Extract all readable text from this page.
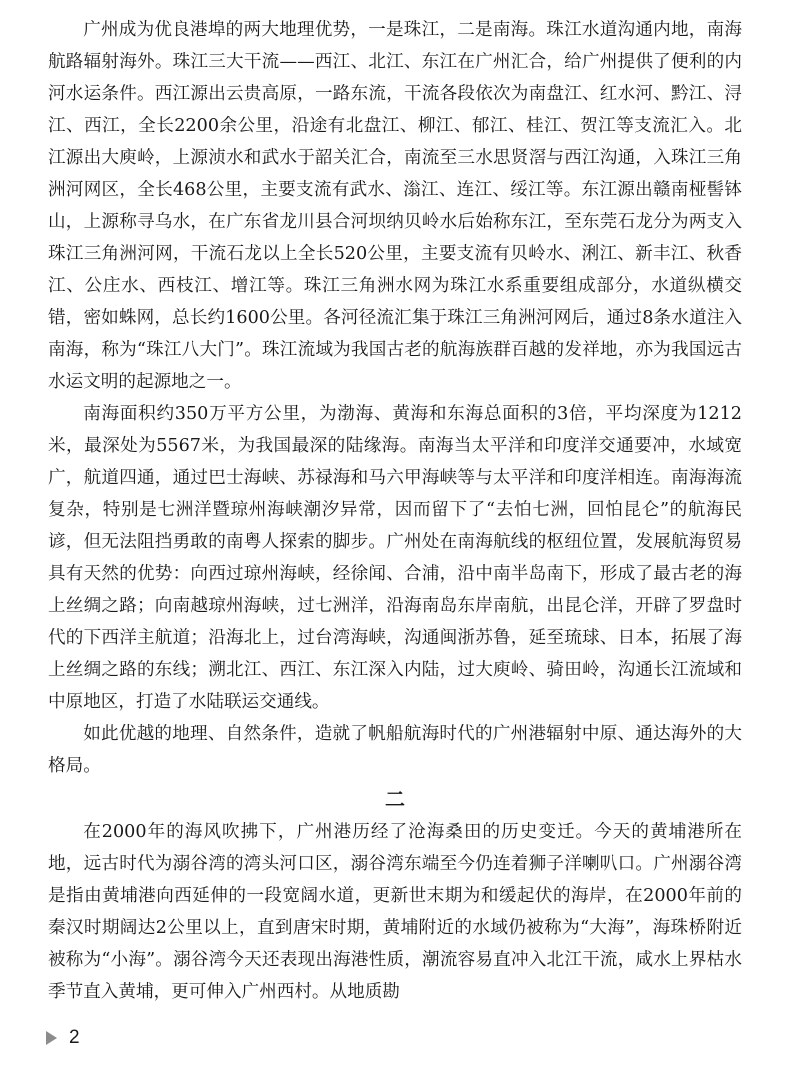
广州成为优良港埠的两大地理优势，一是珠江，二是南海。珠江水道沟通内地，南海航路辐射海外。珠江三大干流——西江、北江、东江在广州汇合，给广州提供了便利的内河水运条件。西江源出云贵高原，一路东流，干流各段依次为南盘江、红水河、黔江、浔江、西江，全长2200余公里，沿途有北盘江、柳江、郁江、桂江、贺江等支流汇入。北江源出大庾岭，上源浈水和武水于韶关汇合，南流至三水思贤滘与西江沟通，入珠江三角洲河网区，全长468公里，主要支流有武水、滃江、连江、绥江等。东江源出赣南桠髻钵山，上源称寻乌水，在广东省龙川县合河坝纳贝岭水后始称东江，至东莞石龙分为两支入珠江三角洲河网，干流石龙以上全长520公里，主要支流有贝岭水、浰江、新丰江、秋香江、公庄水、西枝江、增江等。珠江三角洲水网为珠江水系重要组成部分，水道纵横交错，密如蛛网，总长约1600公里。各河径流汇集于珠江三角洲河网后，通过8条水道注入南海，称为“珠江八大门”。珠江流域为我国古老的航海族群百越的发祥地，亦为我国远古水运文明的起源地之一。

南海面积约350万平方公里，为渤海、黄海和东海总面积的3倍，平均深度为1212米，最深处为5567米，为我国最深的陆缘海。南海当太平洋和印度洋交通要冲，水域宽广，航道四通，通过巴士海峡、苏禄海和马六甲海峡等与太平洋和印度洋相连。南海海流复杂，特别是七洲洋暨琼州海峡潮汐异常，因而留下了“去怕七洲，回怕昆仑”的航海民谚，但无法阻挡勇敢的南粤人探索的脚步。广州处在南海航线的枢纽位置，发展航海贸易具有天然的优势：向西过琼州海峡，经徐闻、合浦，沿中南半岛南下，形成了最古老的海上丝绸之路；向南越琼州海峡，过七洲洋，沿海南岛东岸南航，出昆仑洋，开辟了罗盘时代的下西洋主航道；沿海北上，过台湾海峡，沟通闽浙苏鲁，延至琉球、日本，拓展了海上丝绸之路的东线；溯北江、西江、东江深入内陆，过大庾岭、骑田岭，沟通长江流域和中原地区，打造了水陆联运交通线。

如此优越的地理、自然条件，造就了帆船航海时代的广州港辐射中原、通达海外的大格局。

二

在2000年的海风吹拂下，广州港历经了沧海桑田的历史变迁。今天的黄埔港所在地，远古时代为溺谷湾的湾头河口区，溺谷湾东端至今仍连着狮子洋喇叭口。广州溺谷湾是指由黄埔港向西延伸的一段宽阔水道，更新世末期为和缓起伏的海岸，在2000年前的秦汉时期阔达2公里以上，直到唐宋时期，黄埔附近的水域仍被称为“大海”，海珠桥附近被称为“小海”。溺谷湾今天还表现出海港性质，潮流容易直冲入北江干流，咸水上界枯水季节直入黄埔，更可伸入广州西村。从地质勘

2
